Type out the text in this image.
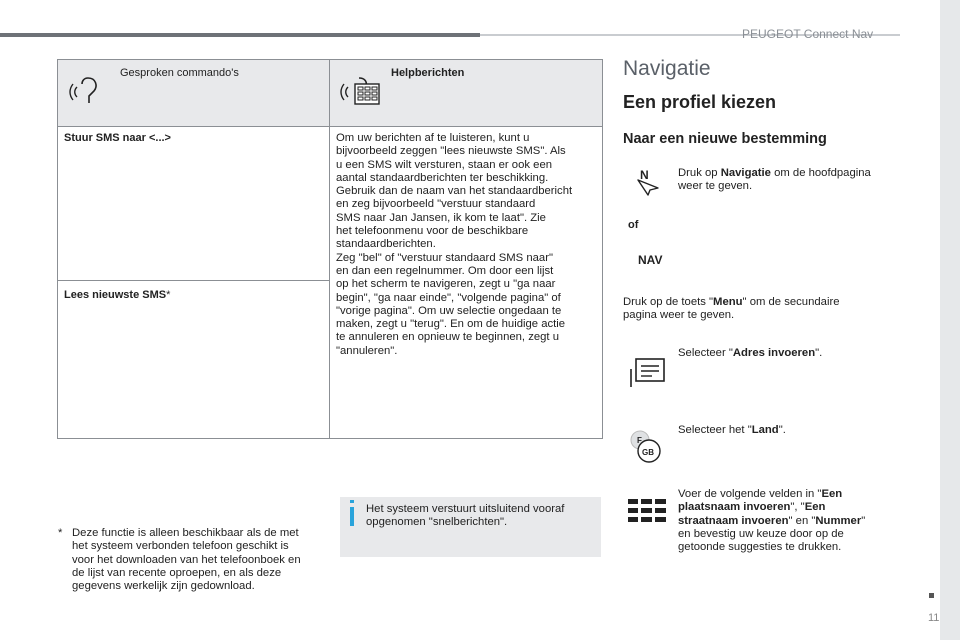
PEUGEOT Connect Nav
11
Gesproken commando's	Helpberichten
Stuur SMS naar <...>
Lees nieuwste SMS*
Om uw berichten af te luisteren, kunt u
bijvoorbeeld zeggen "lees nieuwste SMS". Als
u een SMS wilt versturen, staan er ook een
aantal standaardberichten ter beschikking.
Gebruik dan de naam van het standaardbericht
en zeg bijvoorbeeld "verstuur standaard
SMS naar Jan Jansen, ik kom te laat". Zie
het telefoonmenu voor de beschikbare
standaardberichten.
Zeg "bel" of "verstuur standaard SMS naar"
en dan een regelnummer. Om door een lijst
op het scherm te navigeren, zegt u "ga naar
begin", "ga naar einde", "volgende pagina" of
"vorige pagina". Om uw selectie ongedaan te
maken, zegt u "terug". En om de huidige actie
te annuleren en opnieuw te beginnen, zegt u
"annuleren".
* Deze functie is alleen beschikbaar als de met het systeem verbonden telefoon geschikt is voor het downloaden van het telefoonboek en de lijst van recente oproepen, en als deze gegevens werkelijk zijn gedownload.
Het systeem verstuurt uitsluitend vooraf opgenomen "snelberichten".
Navigatie
Een profiel kiezen
Naar een nieuwe bestemming
N
of
NAV
Druk op Navigatie om de hoofdpagina weer te geven.
Druk op de toets "Menu" om de secundaire pagina weer te geven.
Selecteer "Adres invoeren".
F
GB
Selecteer het "Land".
Voer de volgende velden in "Een plaatsnaam invoeren", "Een straatnaam invoeren" en "Nummer" en bevestig uw keuze door op de getoonde suggesties te drukken.
